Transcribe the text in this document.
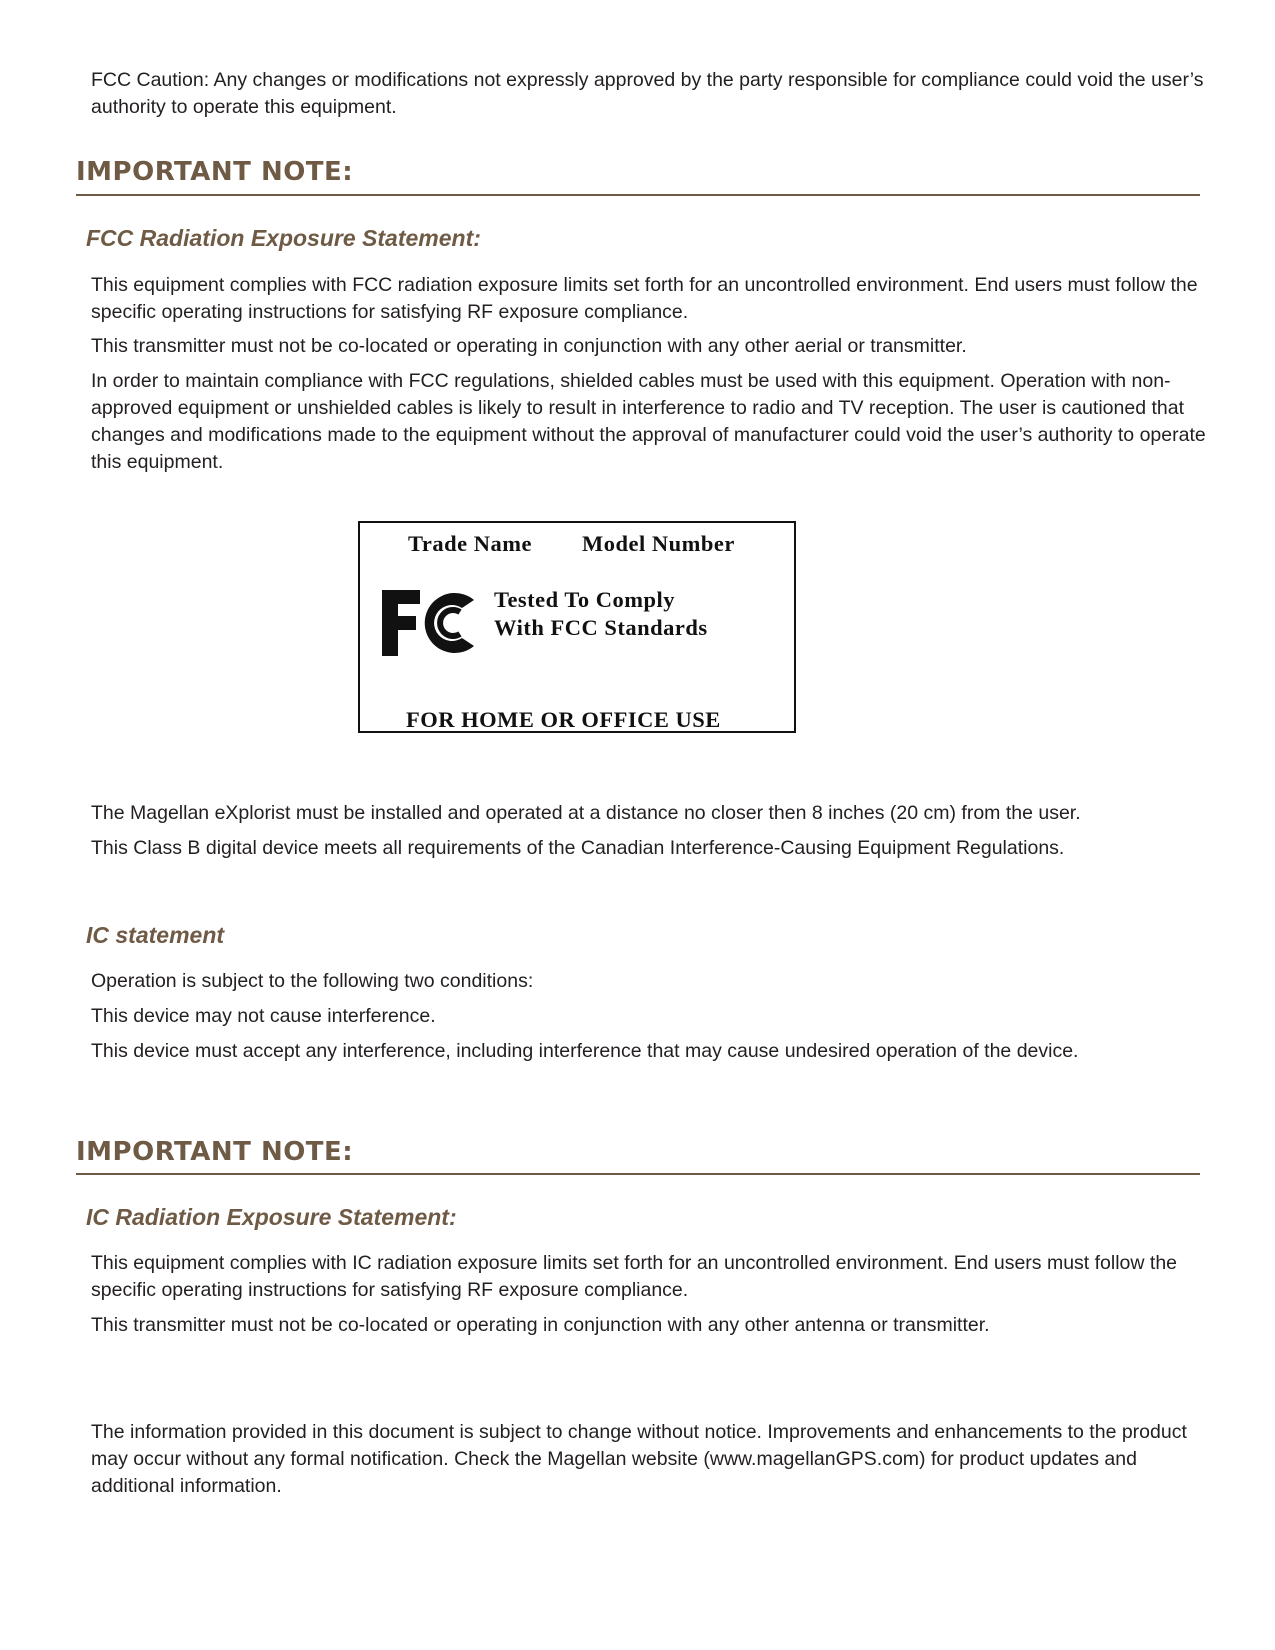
FCC Caution: Any changes or modifications not expressly approved by the party responsible for compliance could void the user’s authority to operate this equipment.

IMPORTANT NOTE:
FCC Radiation Exposure Statement:

This equipment complies with FCC radiation exposure limits set forth for an uncontrolled environment. End users must follow the specific operating instructions for satisfying RF exposure compliance.

This transmitter must not be co-located or operating in conjunction with any other aerial or transmitter.

In order to maintain compliance with FCC regulations, shielded cables must be used with this equipment. Operation with non-approved equipment or unshielded cables is likely to result in interference to radio and TV reception. The user is cautioned that changes and modifications made to the equipment without the approval of manufacturer could void the user’s authority to operate this equipment.

Trade Name Model Number
Tested To Comply
With FCC Standards
FOR HOME OR OFFICE USE

The Magellan eXplorist must be installed and operated at a distance no closer then 8 inches (20 cm) from the user.

This Class B digital device meets all requirements of the Canadian Interference-Causing Equipment Regulations.

IC statement

Operation is subject to the following two conditions:

This device may not cause interference.

This device must accept any interference, including interference that may cause undesired operation of the device.

IMPORTANT NOTE:
IC Radiation Exposure Statement:

This equipment complies with IC radiation exposure limits set forth for an uncontrolled environment. End users must follow the specific operating instructions for satisfying RF exposure compliance.

This transmitter must not be co-located or operating in conjunction with any other antenna or transmitter.

The information provided in this document is subject to change without notice. Improvements and enhancements to the product may occur without any formal notification. Check the Magellan website (www.magellanGPS.com) for product updates and additional information.
